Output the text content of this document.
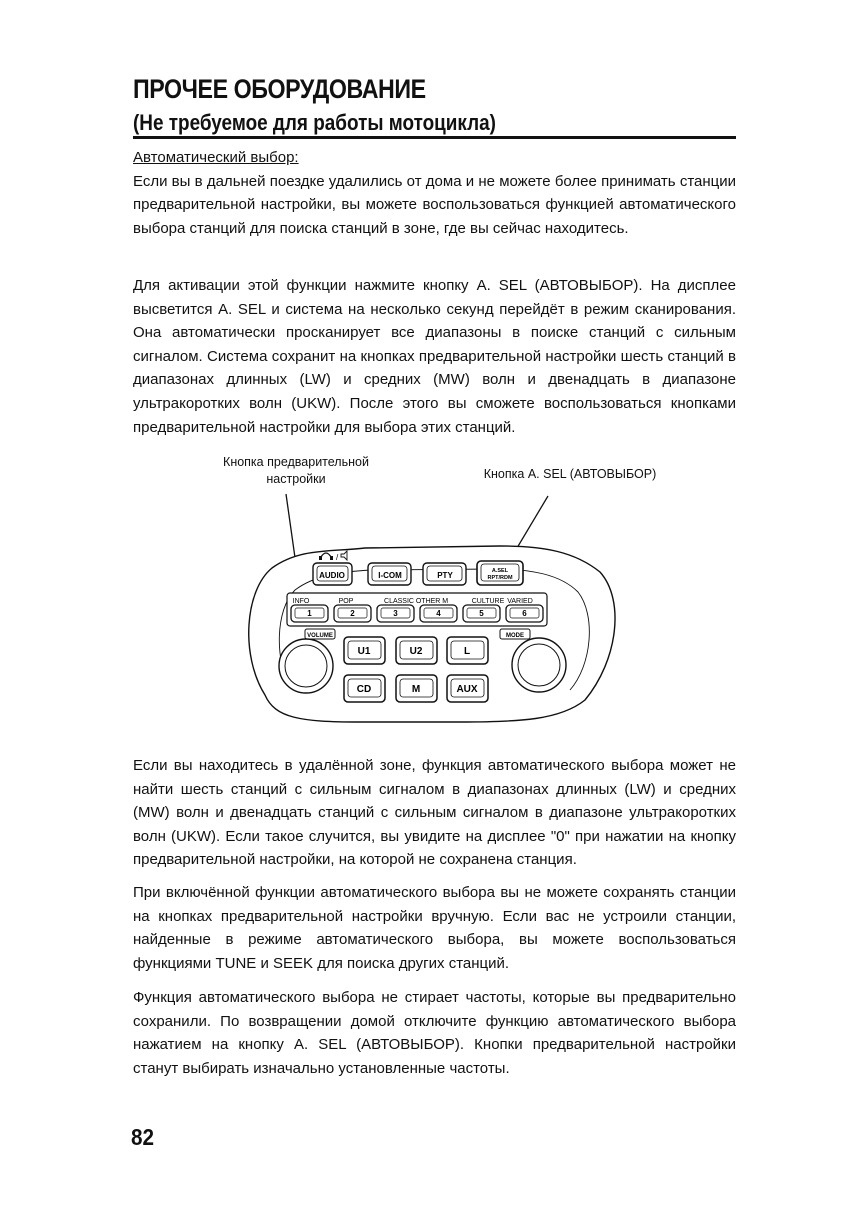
ПРОЧЕЕ ОБОРУДОВАНИЕ
(Не требуемое для работы мотоцикла)
Автоматический выбор:

Если вы в дальней поездке удалились от дома и не можете более принимать станции предварительной настройки, вы можете воспользоваться функцией автоматического выбора станций для поиска станций в зоне, где вы сейчас находитесь.

Для активации этой функции нажмите кнопку A. SEL (АВТОВЫБОР). На дисплее высветится A. SEL и система на несколько секунд перейдёт в режим сканирования. Она автоматически просканирует все диапазоны в поиске станций с сильным сигналом. Система сохранит на кнопках предварительной настройки шесть станций в диапазонах длинных (LW) и средних (MW) волн и двенадцать в диапазоне ультракоротких волн (UKW). После этого вы сможете воспользоваться кнопками предварительной настройки для выбора этих станций.

Кнопка предварительной
настройки	Кнопка A. SEL (АВТОВЫБОР)
/
AUDIO	I-COM	PTY	A.SEL
RPT/RDM
INFO	POP	CLASSIC OTHER M	CULTURE VARIED
1	2	3	4	5	6
VOLUME	MODE
U1	U2	L
CD	M	AUX

Если вы находитесь в удалённой зоне, функция автоматического выбора может не найти шесть станций с сильным сигналом в диапазонах длинных (LW) и средних (MW) волн и двенадцать станций с сильным сигналом в диапазоне ультракоротких волн (UKW). Если такое случится, вы увидите на дисплее "0" при нажатии на кнопку предварительной настройки, на которой не сохранена станция.

При включённой функции автоматического выбора вы не можете сохранять станции на кнопках предварительной настройки вручную. Если вас не устроили станции, найденные в режиме автоматического выбора, вы можете воспользоваться функциями TUNE и SEEK для поиска других станций.

Функция автоматического выбора не стирает частоты, которые вы предварительно сохранили. По возвращении домой отключите функцию автоматического выбора нажатием на кнопку A. SEL (АВТОВЫБОР). Кнопки предварительной настройки станут выбирать изначально установленные частоты.

82
